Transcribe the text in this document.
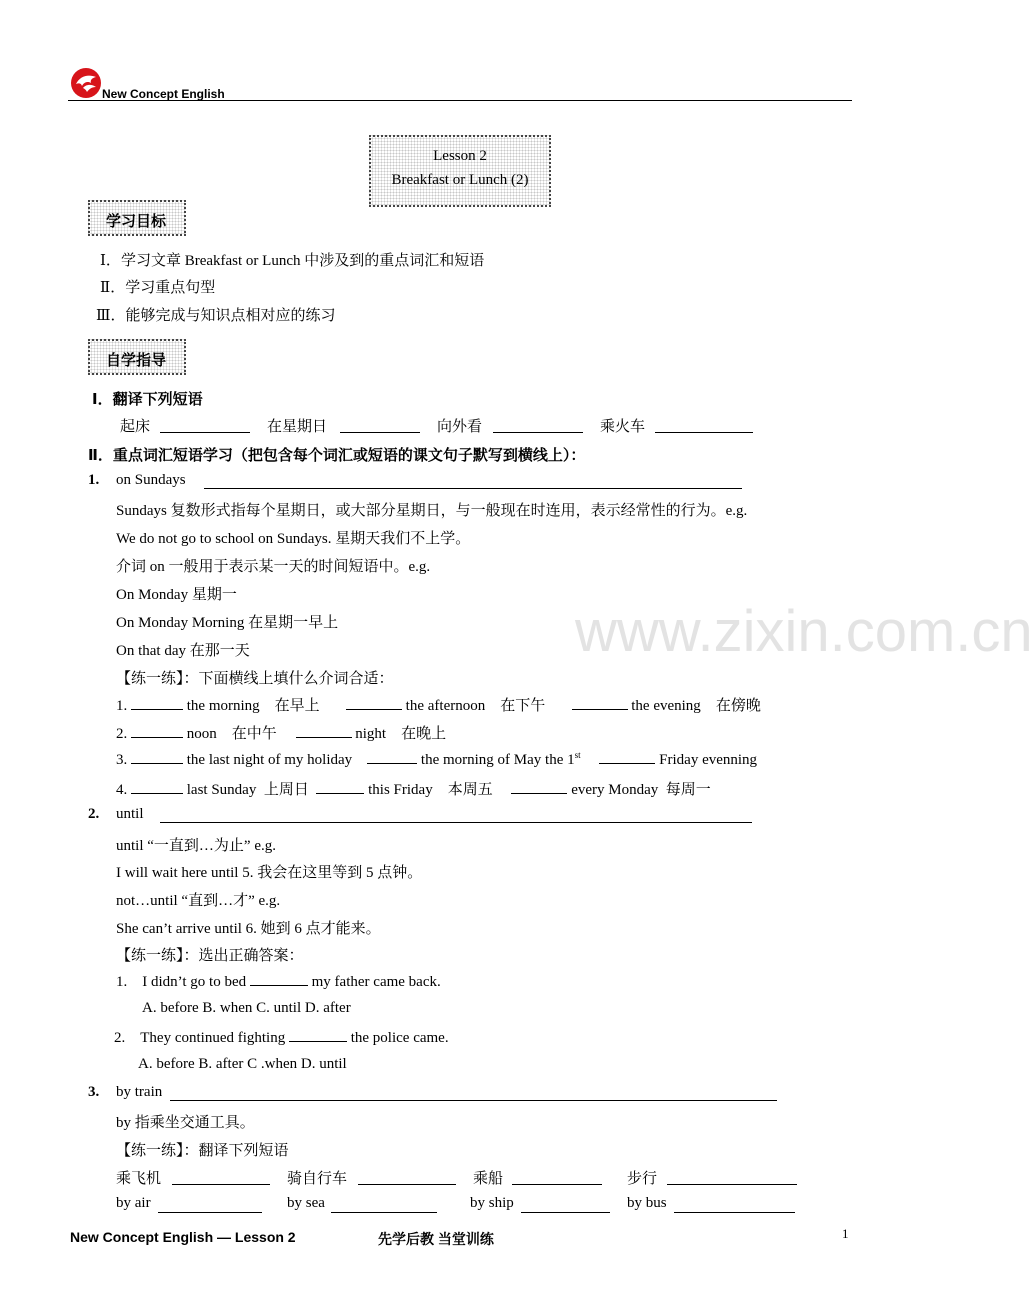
New Concept English
Lesson 2
Breakfast or Lunch (2)
学习目标
Ⅰ．学习文章 Breakfast or Lunch 中涉及到的重点词汇和短语
Ⅱ．学习重点句型
Ⅲ．能够完成与知识点相对应的练习
自学指导
Ⅰ．翻译下列短语
起床	在星期日	向外看	乘火车
Ⅱ．重点词汇短语学习（把包含每个词汇或短语的课文句子默写到横线上）：
1. on Sundays
Sundays 复数形式指每个星期日，或大部分星期日，与一般现在时连用，表示经常性的行为。e.g.
We do not go to school on Sundays. 星期天我们不上学。
介词 on 一般用于表示某一天的时间短语中。e.g.
On Monday 星期一
On Monday Morning 在星期一早上
On that day 在那一天
【练一练】：下面横线上填什么介词合适：
1.	the morning 在早上	the afternoon 在下午	the evening 在傍晚
2.	noon 在中午	night 在晚上
3.	the last night of my holiday	the morning of May the 1st	Friday evenning
4.	last Sunday 上周日	this Friday 本周五	every Monday 每周一
2. until
until “一直到…为止” e.g.
I will wait here until 5. 我会在这里等到 5 点钟。
not…until “直到…才” e.g.
She can’t arrive until 6. 她到 6 点才能来。
【练一练】：选出正确答案：
1. I didn’t go to bed	my father came back.
A. before B. when C. until D. after
2. They continued fighting	the police came.
A. before B. after C .when D. until
3. by train
by 指乘坐交通工具。
【练一练】：翻译下列短语
乘飞机	骑自行车	乘船	步行
by air	by sea	by ship	by bus
www.zixin.com.cn
New Concept English — Lesson 2	先学后教 当堂训练	1
